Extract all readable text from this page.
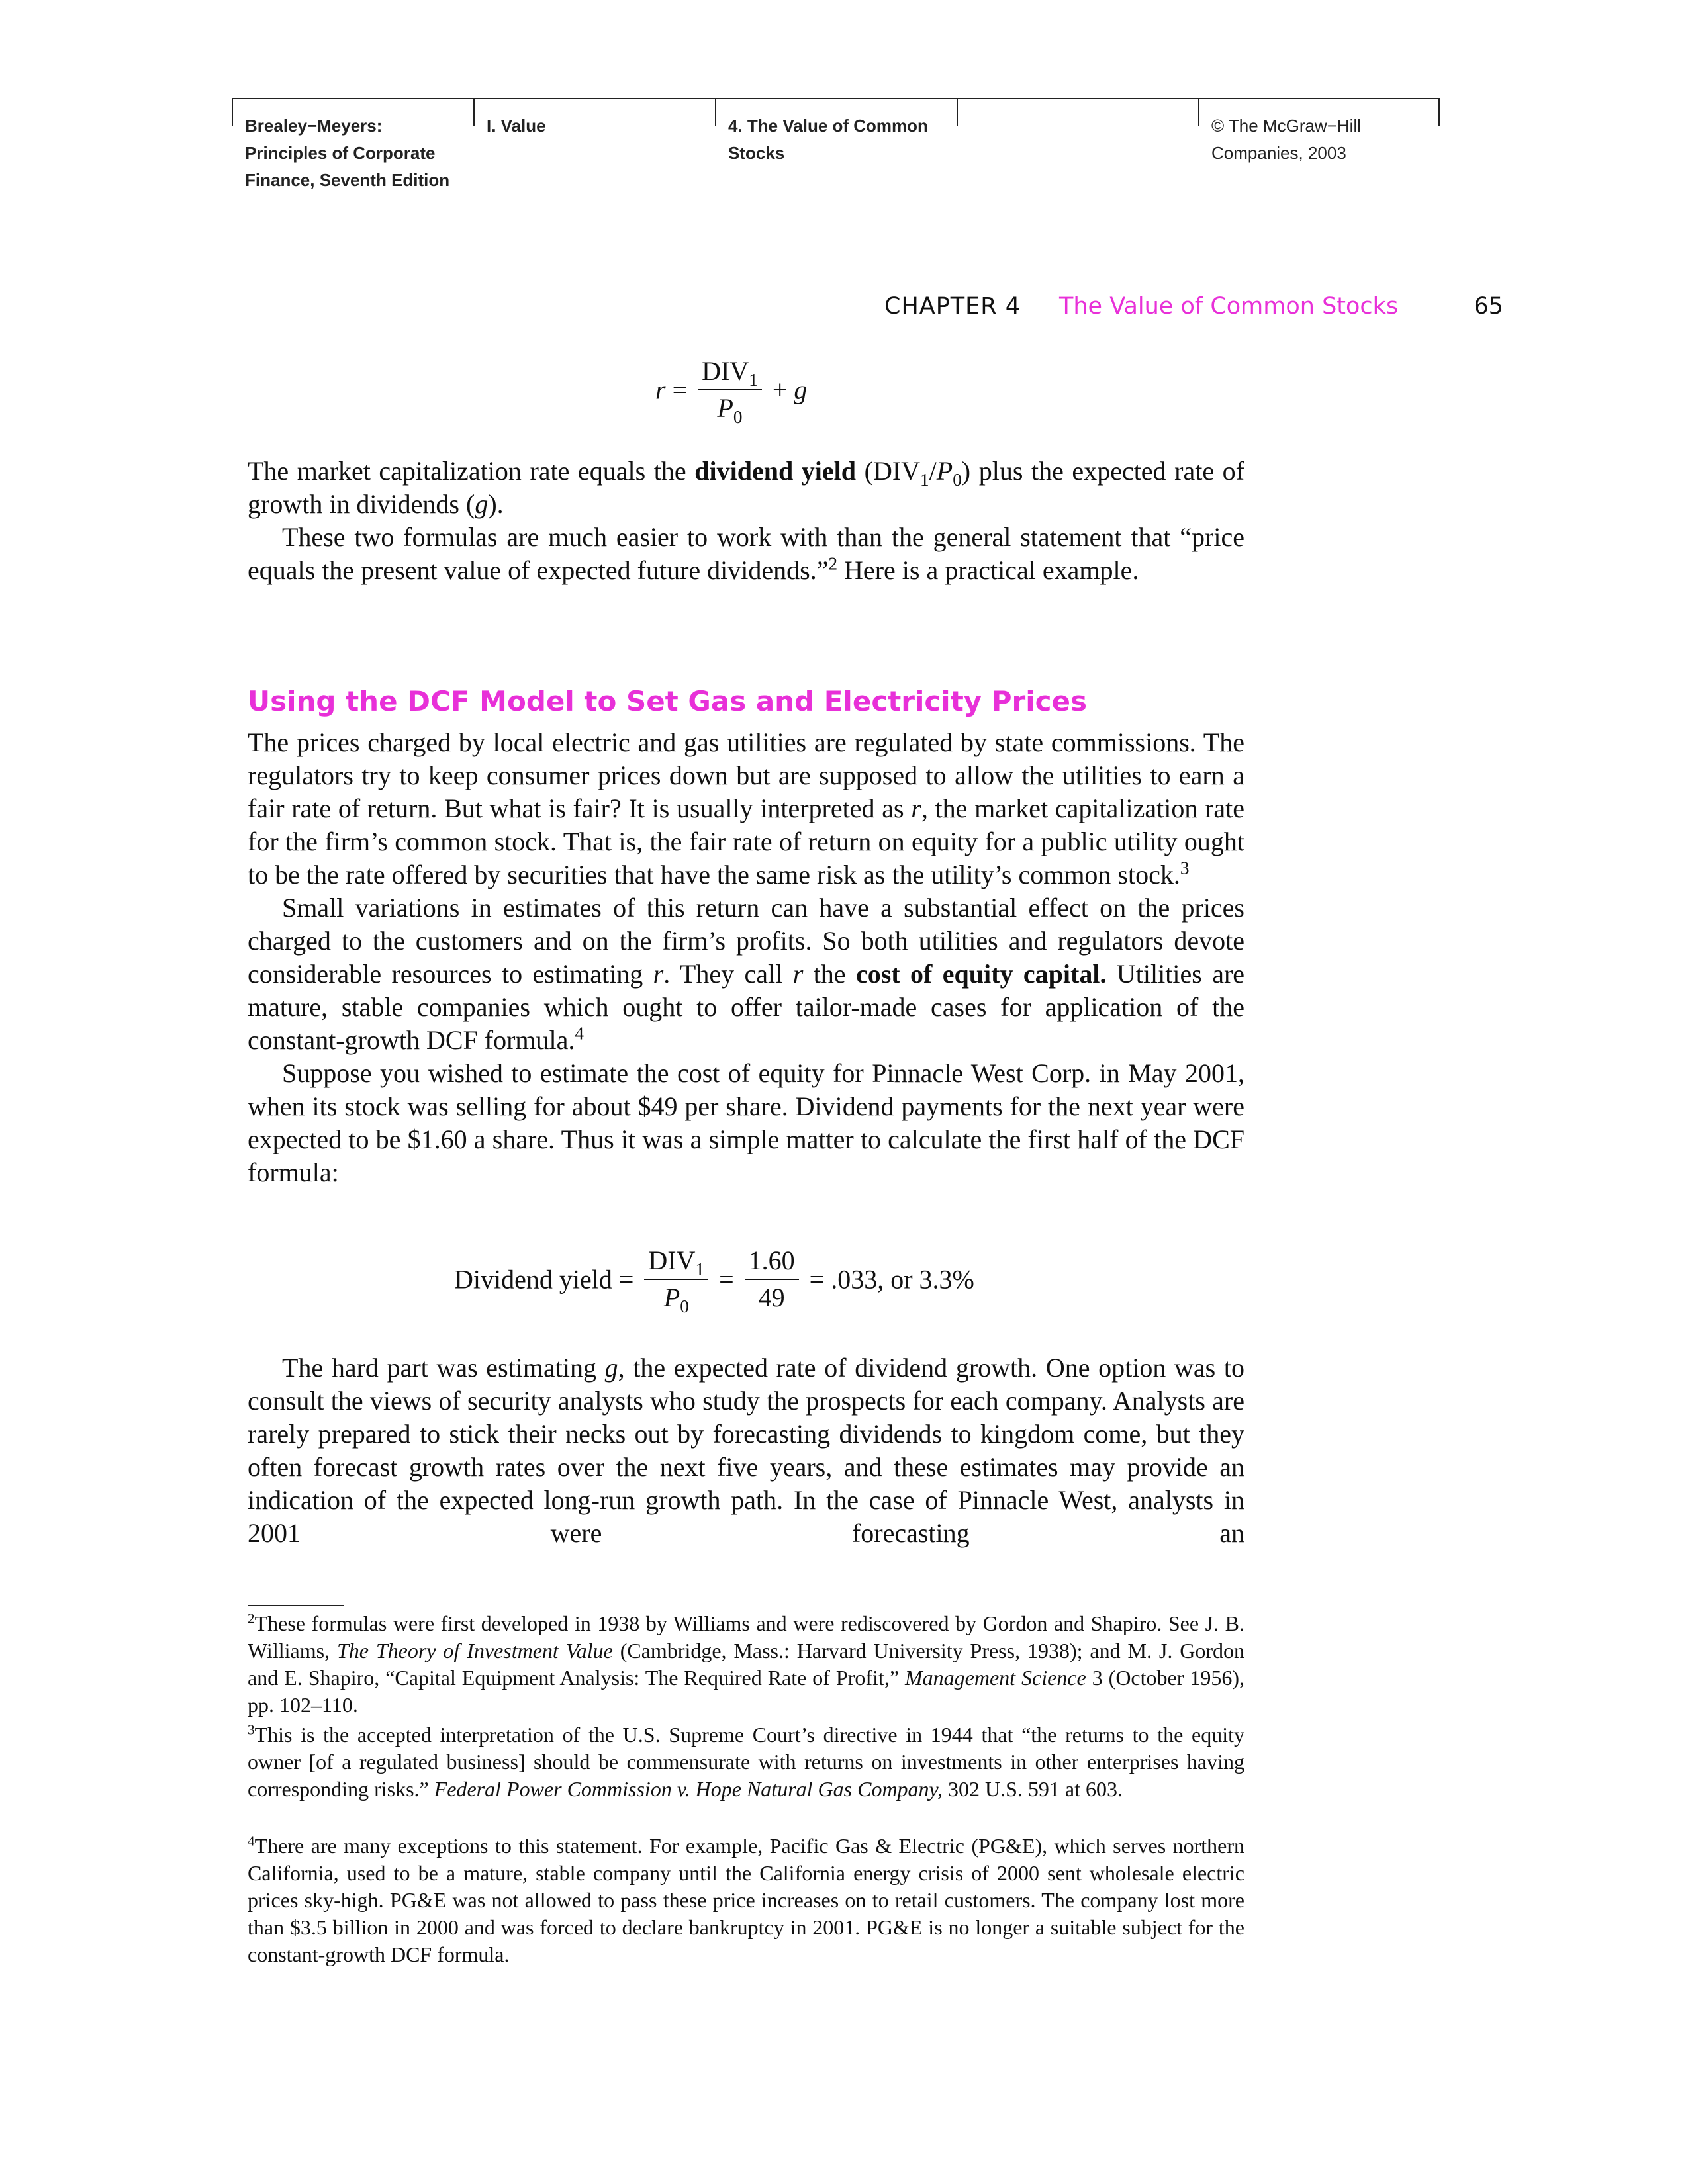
Brealey−Meyers:
Principles of Corporate
Finance, Seventh Edition
I. Value	4. The Value of Common
Stocks
© The McGraw−Hill
Companies, 2003
CHAPTER 4 The Value of Common Stocks	65
$r = \frac{DIV_1}{P_0} + g$

The market capitalization rate equals the dividend yield $(DIV_1/P_0)$ plus the expected rate of growth in dividends (g).

These two formulas are much easier to work with than the general statement that “price equals the present value of expected future dividends.”$^2$ Here is a practical example.

Using the DCF Model to Set Gas and Electricity Prices

The prices charged by local electric and gas utilities are regulated by state commissions. The regulators try to keep consumer prices down but are supposed to allow the utilities to earn a fair rate of return. But what is fair? It is usually interpreted as r, the market capitalization rate for the firm’s common stock. That is, the fair rate of return on equity for a public utility ought to be the rate offered by securities that have the same risk as the utility’s common stock.$^3$

Small variations in estimates of this return can have a substantial effect on the prices charged to the customers and on the firm’s profits. So both utilities and regulators devote considerable resources to estimating r. They call r the cost of equity capital. Utilities are mature, stable companies which ought to offer tailor-made cases for application of the constant-growth DCF formula.$^4$

Suppose you wished to estimate the cost of equity for Pinnacle West Corp. in May 2001, when its stock was selling for about $49 per share. Dividend payments for the next year were expected to be $1.60 a share. Thus it was a simple matter to calculate the first half of the DCF formula:

Dividend yield = $\frac{DIV_1}{P_0} = \frac{1.60}{49} = .033$, or 3.3%

The hard part was estimating g, the expected rate of dividend growth. One option was to consult the views of security analysts who study the prospects for each company. Analysts are rarely prepared to stick their necks out by forecasting dividends to kingdom come, but they often forecast growth rates over the next five years, and these estimates may provide an indication of the expected long-run growth path. In the case of Pinnacle West, analysts in 2001 were forecasting an

$^2$These formulas were first developed in 1938 by Williams and were rediscovered by Gordon and Shapiro. See J. B. Williams, The Theory of Investment Value (Cambridge, Mass.: Harvard University Press, 1938); and M. J. Gordon and E. Shapiro, “Capital Equipment Analysis: The Required Rate of Profit,” Management Science 3 (October 1956), pp. 102–110.

$^3$This is the accepted interpretation of the U.S. Supreme Court’s directive in 1944 that “the returns to the equity owner [of a regulated business] should be commensurate with returns on investments in other enterprises having corresponding risks.” Federal Power Commission v. Hope Natural Gas Company, 302 U.S. 591 at 603.

$^4$There are many exceptions to this statement. For example, Pacific Gas & Electric (PG&E), which serves northern California, used to be a mature, stable company until the California energy crisis of 2000 sent wholesale electric prices sky-high. PG&E was not allowed to pass these price increases on to retail customers. The company lost more than $3.5 billion in 2000 and was forced to declare bankruptcy in 2001. PG&E is no longer a suitable subject for the constant-growth DCF formula.
